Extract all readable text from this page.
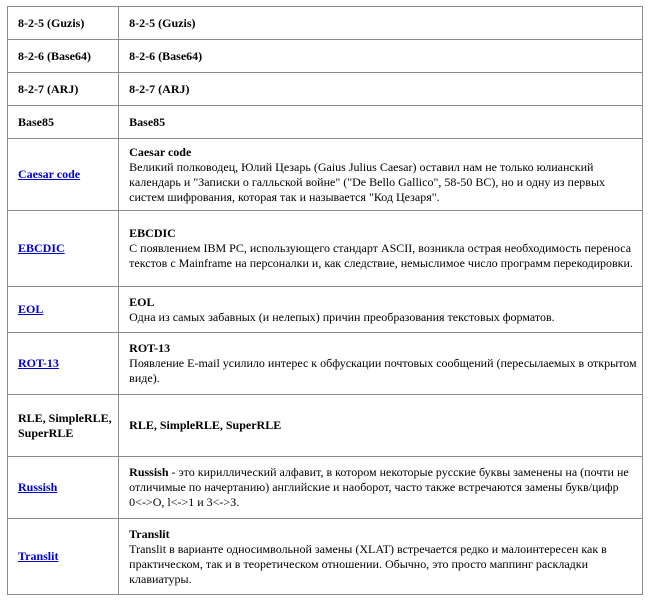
8-2-5 (Guzis)	8-2-5 (Guzis)
8-2-6 (Base64)	8-2-6 (Base64)
8-2-7 (ARJ)	8-2-7 (ARJ)
Base85	Base85
Caesar code	Caesar code
Великий полководец, Юлий Цезарь (Gaius Julius Caesar) оставил нам не только юлианский календарь и "Записки о галльской войне" ("De Bello Gallico", 58-50 BC), но и одну из первых систем шифрования, которая так и называется "Код Цезаря".

EBCDIC	EBCDIC
С появлением IBM PC, использующего стандарт ASCII, возникла острая необходимость переноса текстов с Mainframe на персоналки и, как следствие, немыслимое число программ перекодировки.

EOL	EOL
Одна из самых забавных (и нелепых) причин преобразования текстовых форматов.

ROT-13	ROT-13
Появление E-mail усилило интерес к обфускации почтовых сообщений (пересылаемых в открытом виде).

RLE, SimpleRLE, SuperRLE	RLE, SimpleRLE, SuperRLE
Russish	Russish - это кириллический алфавит, в котором некоторые русские буквы заменены на (почти не отличимые по начертанию) английские и наоборот, часто также встречаются замены букв/цифр 0<->O, l<->1 и 3<->З.
Translit	Translit
Translit в варианте односимвольной замены (XLAT) встречается редко и малоинтересен как в практическом, так и в теоретическом отношении. Обычно, это просто маппинг раскладки клавиатуры.
